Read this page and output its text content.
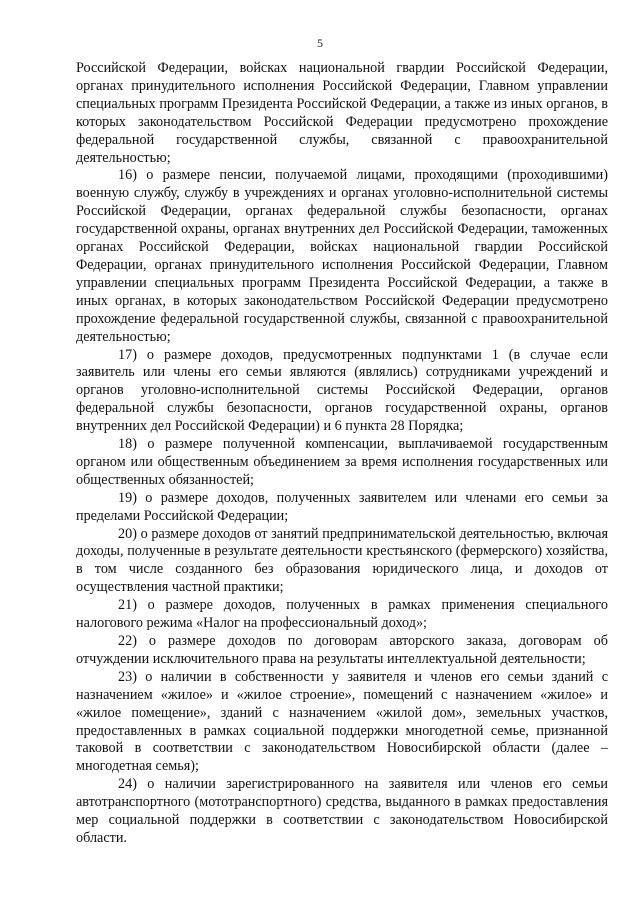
5

Российской Федерации, войсках национальной гвардии Российской Федерации, органах принудительного исполнения Российской Федерации, Главном управлении специальных программ Президента Российской Федерации, а также из иных органов, в которых законодательством Российской Федерации предусмотрено прохождение федеральной государственной службы, связанной с правоохранительной деятельностью;

16) о размере пенсии, получаемой лицами, проходящими (проходившими) военную службу, службу в учреждениях и органах уголовно-исполнительной системы Российской Федерации, органах федеральной службы безопасности, органах государственной охраны, органах внутренних дел Российской Федерации, таможенных органах Российской Федерации, войсках национальной гвардии Российской Федерации, органах принудительного исполнения Российской Федерации, Главном управлении специальных программ Президента Российской Федерации, а также в иных органах, в которых законодательством Российской Федерации предусмотрено прохождение федеральной государственной службы, связанной с правоохранительной деятельностью;

17) о размере доходов, предусмотренных подпунктами 1 (в случае если заявитель или члены его семьи являются (являлись) сотрудниками учреждений и органов уголовно-исполнительной системы Российской Федерации, органов федеральной службы безопасности, органов государственной охраны, органов внутренних дел Российской Федерации) и 6 пункта 28 Порядка;

18) о размере полученной компенсации, выплачиваемой государственным органом или общественным объединением за время исполнения государственных или общественных обязанностей;

19) о размере доходов, полученных заявителем или членами его семьи за пределами Российской Федерации;

20) о размере доходов от занятий предпринимательской деятельностью, включая доходы, полученные в результате деятельности крестьянского (фермерского) хозяйства, в том числе созданного без образования юридического лица, и доходов от осуществления частной практики;

21) о размере доходов, полученных в рамках применения специального налогового режима «Налог на профессиональный доход»;

22) о размере доходов по договорам авторского заказа, договорам об отчуждении исключительного права на результаты интеллектуальной деятельности;

23) о наличии в собственности у заявителя и членов его семьи зданий с назначением «жилое» и «жилое строение», помещений с назначением «жилое» и «жилое помещение», зданий с назначением «жилой дом», земельных участков, предоставленных в рамках социальной поддержки многодетной семье, признанной таковой в соответствии с законодательством Новосибирской области (далее – многодетная семья);

24) о наличии зарегистрированного на заявителя или членов его семьи автотранспортного (мототранспортного) средства, выданного в рамках предоставления мер социальной поддержки в соответствии с законодательством Новосибирской области.
